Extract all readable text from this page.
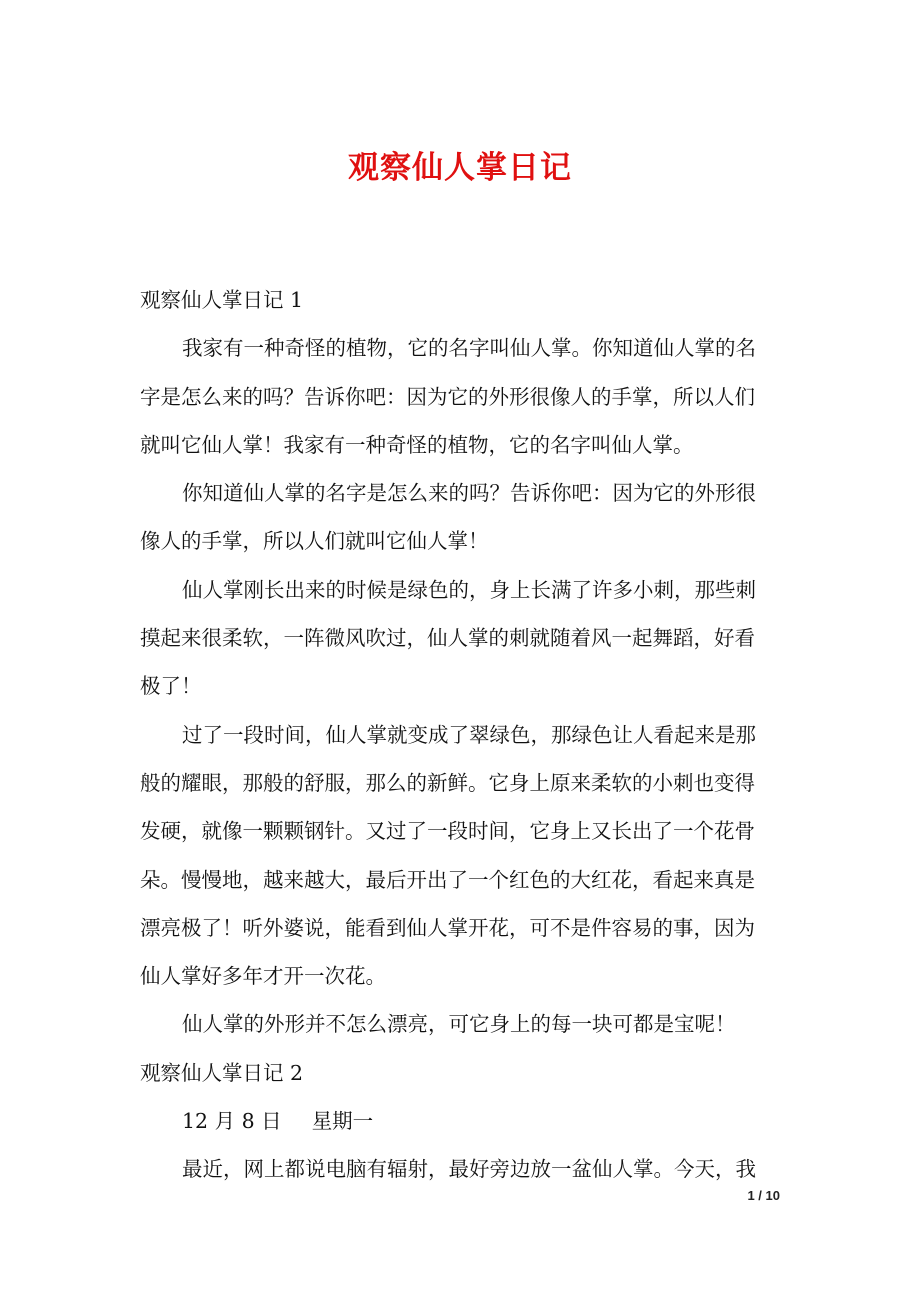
观察仙人掌日记
观察仙人掌日记 1
我家有一种奇怪的植物，它的名字叫仙人掌。你知道仙人掌的名
字是怎么来的吗？告诉你吧：因为它的外形很像人的手掌，所以人们
就叫它仙人掌！我家有一种奇怪的植物，它的名字叫仙人掌。
你知道仙人掌的名字是怎么来的吗？告诉你吧：因为它的外形很
像人的手掌，所以人们就叫它仙人掌！
仙人掌刚长出来的时候是绿色的，身上长满了许多小刺，那些刺
摸起来很柔软，一阵微风吹过，仙人掌的刺就随着风一起舞蹈，好看
极了！
过了一段时间，仙人掌就变成了翠绿色，那绿色让人看起来是那
般的耀眼，那般的舒服，那么的新鲜。它身上原来柔软的小刺也变得
发硬，就像一颗颗钢针。又过了一段时间，它身上又长出了一个花骨
朵。慢慢地，越来越大，最后开出了一个红色的大红花，看起来真是
漂亮极了！听外婆说，能看到仙人掌开花，可不是件容易的事，因为
仙人掌好多年才开一次花。
仙人掌的外形并不怎么漂亮，可它身上的每一块可都是宝呢！
观察仙人掌日记 2
12 月 8 日 星期一
最近，网上都说电脑有辐射，最好旁边放一盆仙人掌。今天，我
1 / 10
